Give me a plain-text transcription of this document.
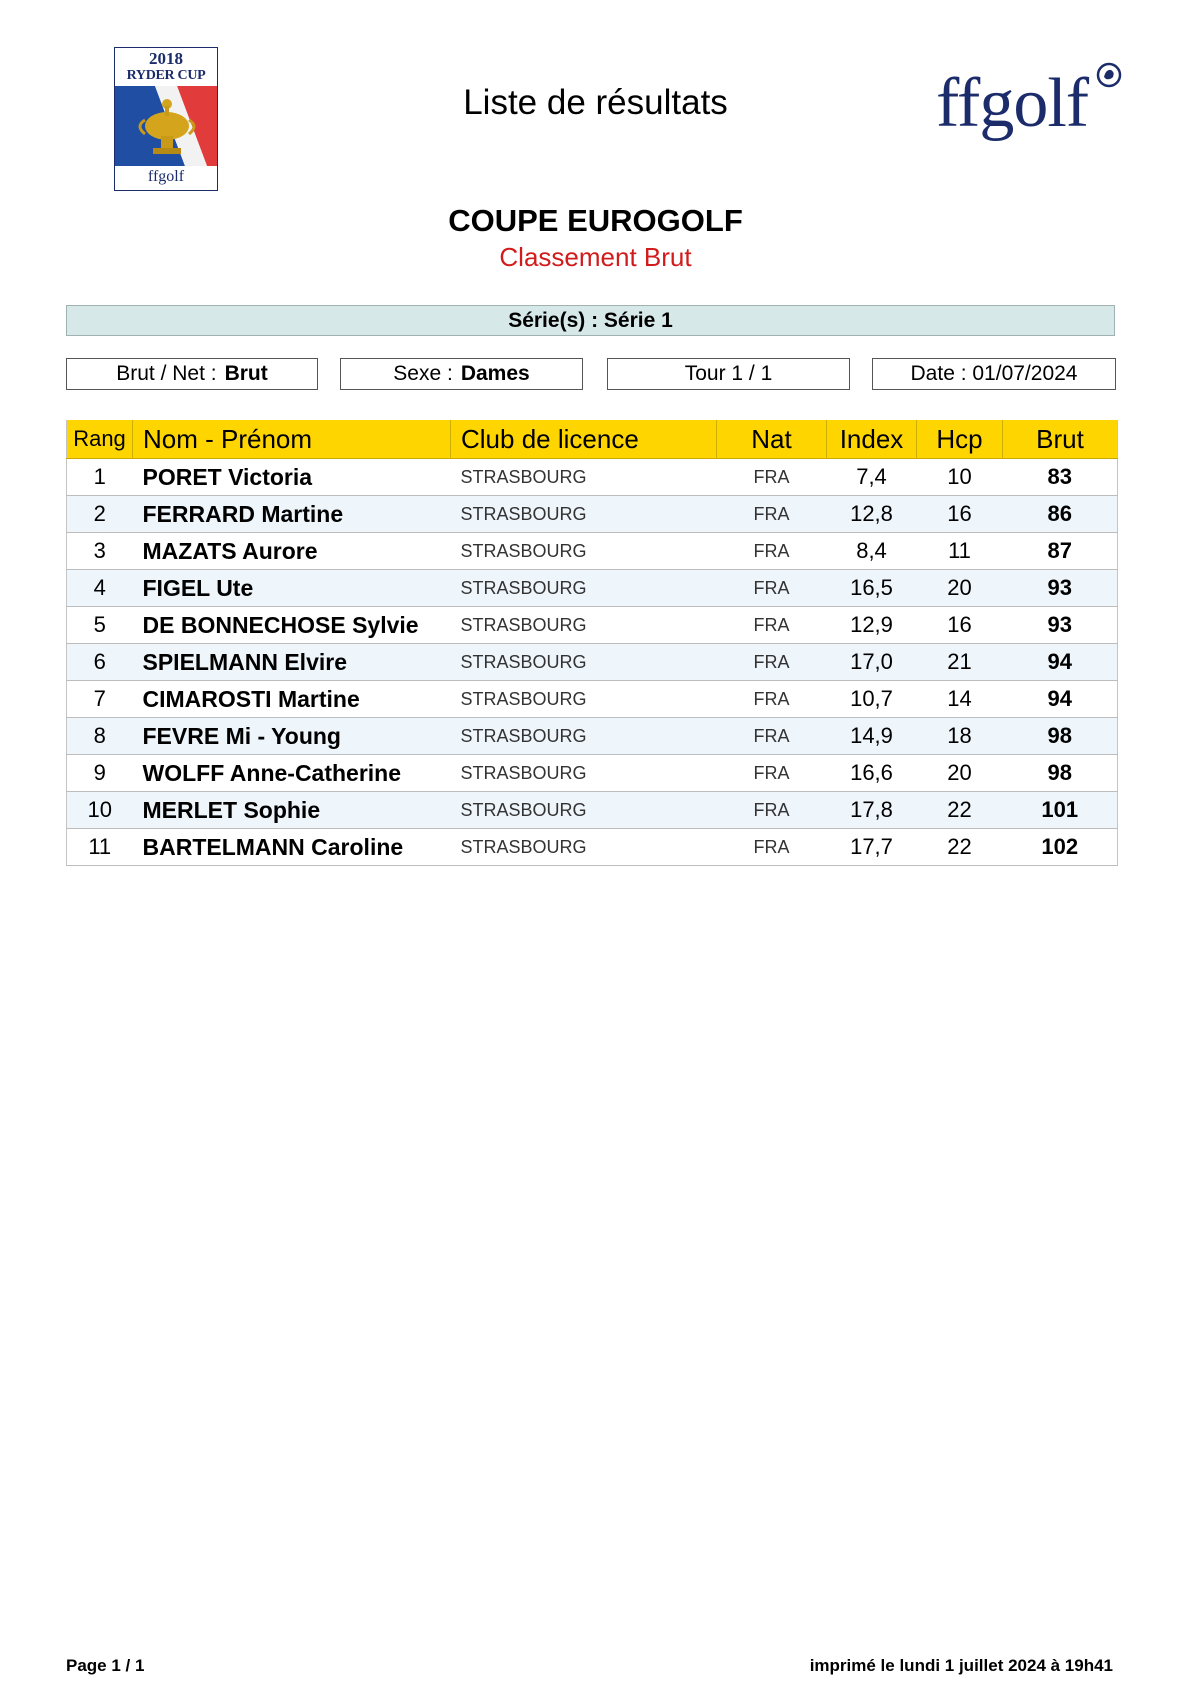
2018
RYDER CUP
ffgolf
ffgolf
Liste de résultats
COUPE EUROGOLF
Classement Brut
Série(s) : Série 1
Brut / Net : Brut	Sexe : Dames	Tour 1 / 1	Date : 01/07/2024
Rang	Nom - Prénom	Club de licence	Nat	Index	Hcp	Brut
1	PORET Victoria	STRASBOURG	FRA	7,4	10	83
2	FERRARD Martine	STRASBOURG	FRA	12,8	16	86
3	MAZATS Aurore	STRASBOURG	FRA	8,4	11	87
4	FIGEL Ute	STRASBOURG	FRA	16,5	20	93
5	DE BONNECHOSE Sylvie	STRASBOURG	FRA	12,9	16	93
6	SPIELMANN Elvire	STRASBOURG	FRA	17,0	21	94
7	CIMAROSTI Martine	STRASBOURG	FRA	10,7	14	94
8	FEVRE Mi - Young	STRASBOURG	FRA	14,9	18	98
9	WOLFF Anne-Catherine	STRASBOURG	FRA	16,6	20	98
10	MERLET Sophie	STRASBOURG	FRA	17,8	22	101
11	BARTELMANN Caroline	STRASBOURG	FRA	17,7	22	102
Page 1 / 1	imprimé le lundi 1 juillet 2024 à 19h41
